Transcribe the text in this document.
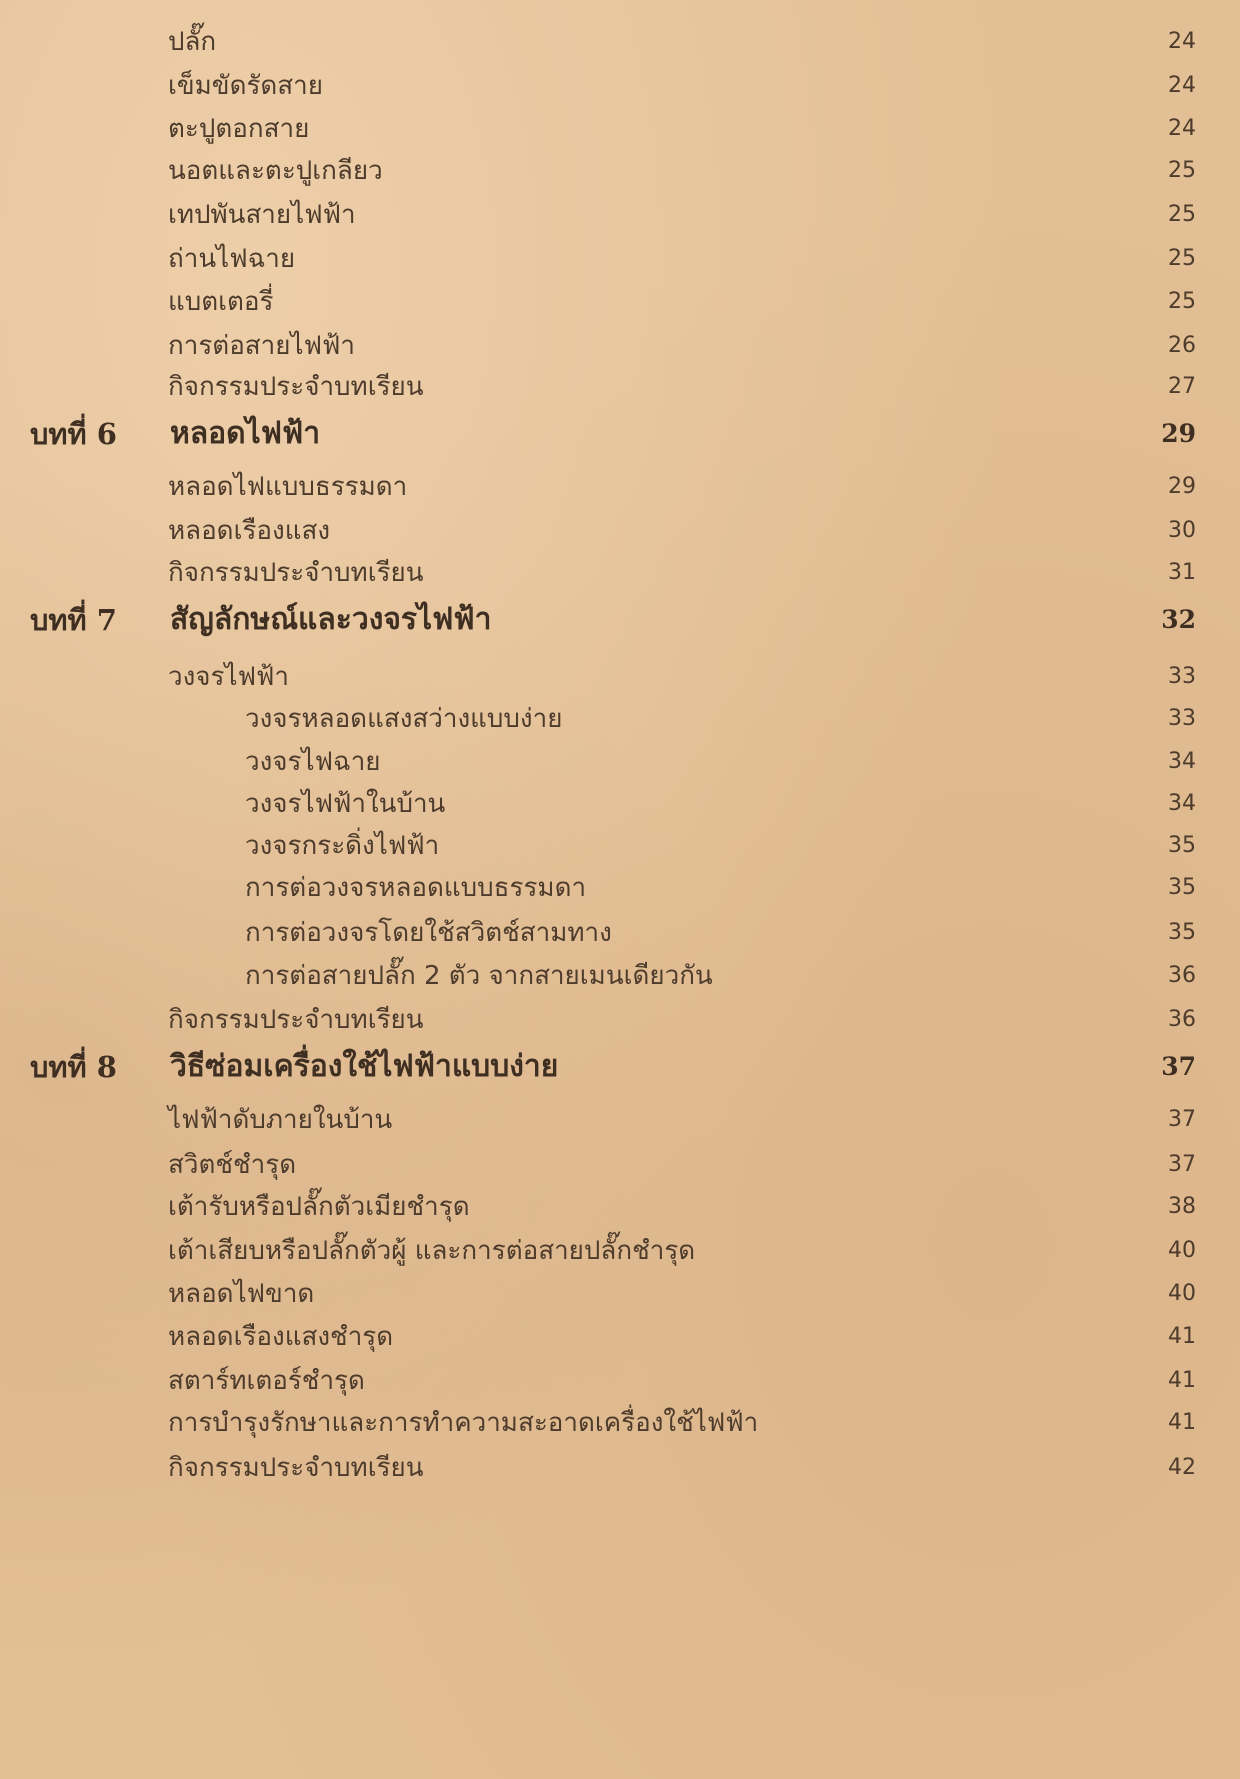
ปลั๊ก	24
เข็มขัดรัดสาย	24
ตะปูตอกสาย	24
นอตและตะปูเกลียว	25
เทปพันสายไฟฟ้า	25
ถ่านไฟฉาย	25
แบตเตอรี่	25
การต่อสายไฟฟ้า	26
กิจกรรมประจำบทเรียน	27
บทที่ 6 หลอดไฟฟ้า	29
หลอดไฟแบบธรรมดา	29
หลอดเรืองแสง	30
กิจกรรมประจำบทเรียน	31
บทที่ 7 สัญลักษณ์และวงจรไฟฟ้า	32
วงจรไฟฟ้า	33
วงจรหลอดแสงสว่างแบบง่าย	33
วงจรไฟฉาย	34
วงจรไฟฟ้าในบ้าน	34
วงจรกระดิ่งไฟฟ้า	35
การต่อวงจรหลอดแบบธรรมดา	35
การต่อวงจรโดยใช้สวิตช์สามทาง	35
การต่อสายปลั๊ก 2 ตัว จากสายเมนเดียวกัน	36
กิจกรรมประจำบทเรียน	36
บทที่ 8 วิธีซ่อมเครื่องใช้ไฟฟ้าแบบง่าย	37
ไฟฟ้าดับภายในบ้าน	37
สวิตช์ชำรุด	37
เต้ารับหรือปลั๊กตัวเมียชำรุด	38
เต้าเสียบหรือปลั๊กตัวผู้ และการต่อสายปลั๊กชำรุด	40
หลอดไฟขาด	40
หลอดเรืองแสงชำรุด	41
สตาร์ทเตอร์ชำรุด	41
การบำรุงรักษาและการทำความสะอาดเครื่องใช้ไฟฟ้า	41
กิจกรรมประจำบทเรียน	42
